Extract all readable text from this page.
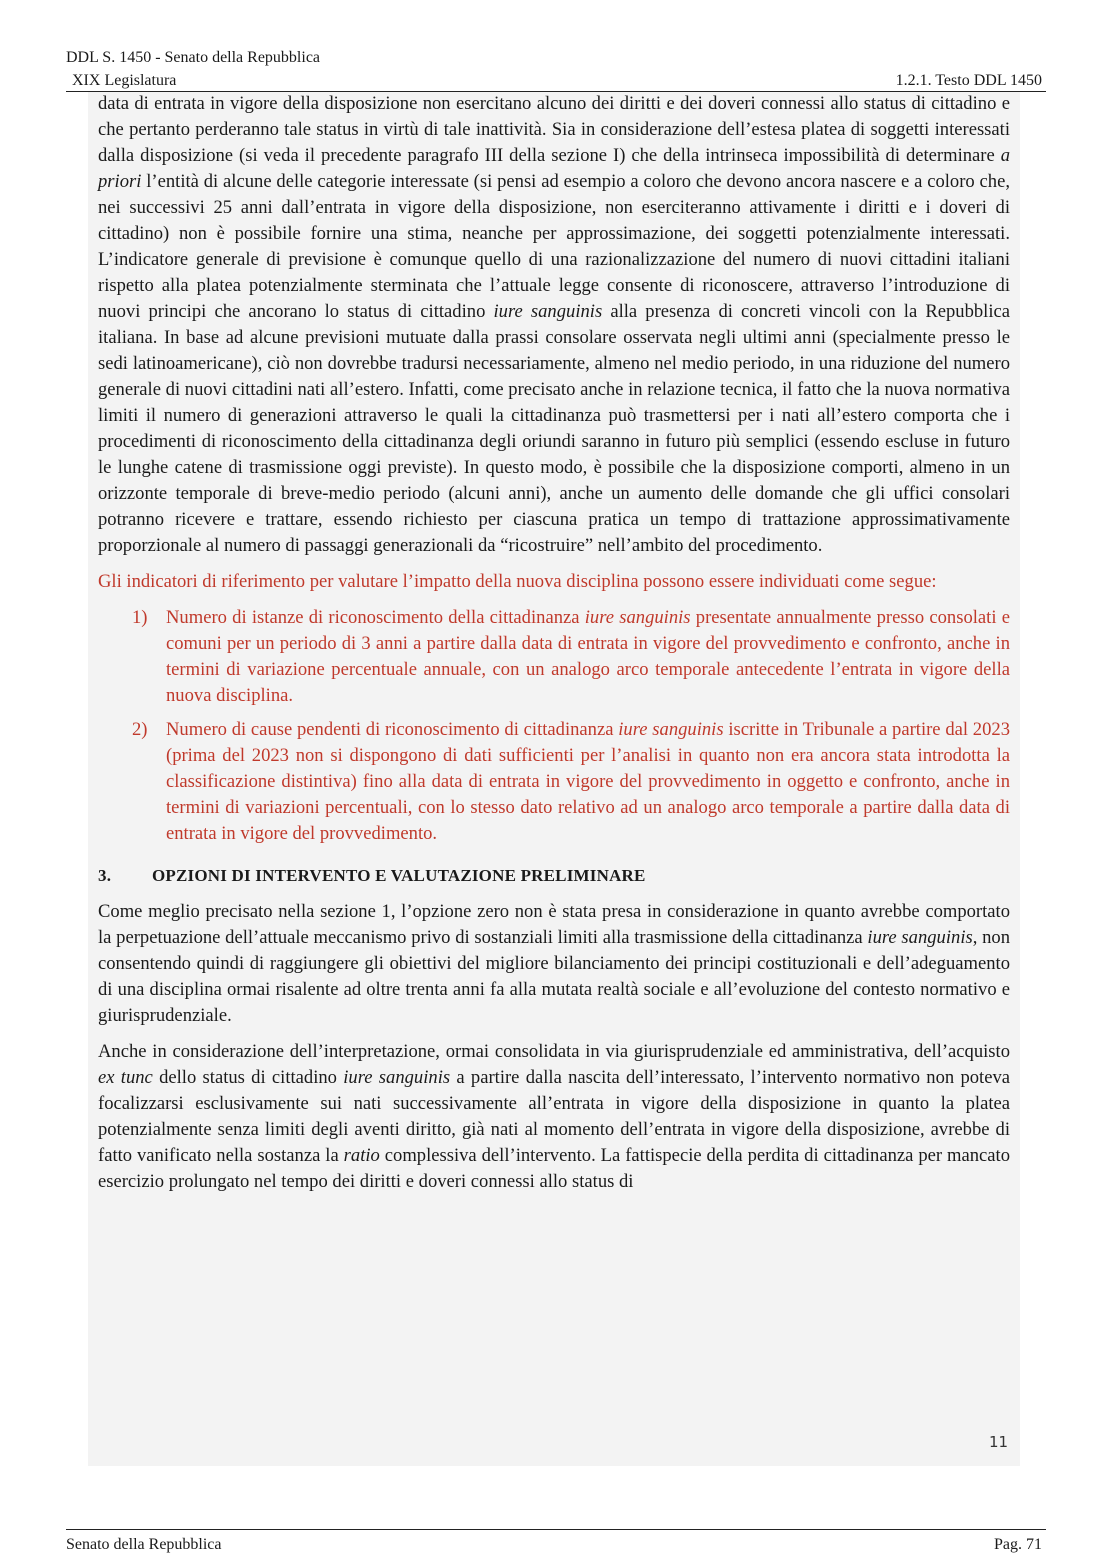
DDL S. 1450 - Senato della Repubblica
XIX Legislatura	1.2.1. Testo DDL 1450

data di entrata in vigore della disposizione non esercitano alcuno dei diritti e dei doveri connessi allo status di cittadino e che pertanto perderanno tale status in virtù di tale inattività. Sia in considerazione dell’estesa platea di soggetti interessati dalla disposizione (si veda il precedente paragrafo III della sezione I) che della intrinseca impossibilità di determinare a priori l’entità di alcune delle categorie interessate (si pensi ad esempio a coloro che devono ancora nascere e a coloro che, nei successivi 25 anni dall’entrata in vigore della disposizione, non eserciteranno attivamente i diritti e i doveri di cittadino) non è possibile fornire una stima, neanche per approssimazione, dei soggetti potenzialmente interessati. L’indicatore generale di previsione è comunque quello di una razionalizzazione del numero di nuovi cittadini italiani rispetto alla platea potenzialmente sterminata che l’attuale legge consente di riconoscere, attraverso l’introduzione di nuovi principi che ancorano lo status di cittadino iure sanguinis alla presenza di concreti vincoli con la Repubblica italiana. In base ad alcune previsioni mutuate dalla prassi consolare osservata negli ultimi anni (specialmente presso le sedi latinoamericane), ciò non dovrebbe tradursi necessariamente, almeno nel medio periodo, in una riduzione del numero generale di nuovi cittadini nati all’estero. Infatti, come precisato anche in relazione tecnica, il fatto che la nuova normativa limiti il numero di generazioni attraverso le quali la cittadinanza può trasmettersi per i nati all’estero comporta che i procedimenti di riconoscimento della cittadinanza degli oriundi saranno in futuro più semplici (essendo escluse in futuro le lunghe catene di trasmissione oggi previste). In questo modo, è possibile che la disposizione comporti, almeno in un orizzonte temporale di breve-medio periodo (alcuni anni), anche un aumento delle domande che gli uffici consolari potranno ricevere e trattare, essendo richiesto per ciascuna pratica un tempo di trattazione approssimativamente proporzionale al numero di passaggi generazionali da “ricostruire” nell’ambito del procedimento.

Gli indicatori di riferimento per valutare l’impatto della nuova disciplina possono essere individuati come segue:

1) Numero di istanze di riconoscimento della cittadinanza iure sanguinis presentate annualmente presso consolati e comuni per un periodo di 3 anni a partire dalla data di entrata in vigore del provvedimento e confronto, anche in termini di variazione percentuale annuale, con un analogo arco temporale antecedente l’entrata in vigore della nuova disciplina.
2) Numero di cause pendenti di riconoscimento di cittadinanza iure sanguinis iscritte in Tribunale a partire dal 2023 (prima del 2023 non si dispongono di dati sufficienti per l’analisi in quanto non era ancora stata introdotta la classificazione distintiva) fino alla data di entrata in vigore del provvedimento in oggetto e confronto, anche in termini di variazioni percentuali, con lo stesso dato relativo ad un analogo arco temporale a partire dalla data di entrata in vigore del provvedimento.
3. OPZIONI DI INTERVENTO E VALUTAZIONE PRELIMINARE

Come meglio precisato nella sezione 1, l’opzione zero non è stata presa in considerazione in quanto avrebbe comportato la perpetuazione dell’attuale meccanismo privo di sostanziali limiti alla trasmissione della cittadinanza iure sanguinis, non consentendo quindi di raggiungere gli obiettivi del migliore bilanciamento dei principi costituzionali e dell’adeguamento di una disciplina ormai risalente ad oltre trenta anni fa alla mutata realtà sociale e all’evoluzione del contesto normativo e giurisprudenziale.

Anche in considerazione dell’interpretazione, ormai consolidata in via giurisprudenziale ed amministrativa, dell’acquisto ex tunc dello status di cittadino iure sanguinis a partire dalla nascita dell’interessato, l’intervento normativo non poteva focalizzarsi esclusivamente sui nati successivamente all’entrata in vigore della disposizione in quanto la platea potenzialmente senza limiti degli aventi diritto, già nati al momento dell’entrata in vigore della disposizione, avrebbe di fatto vanificato nella sostanza la ratio complessiva dell’intervento. La fattispecie della perdita di cittadinanza per mancato esercizio prolungato nel tempo dei diritti e doveri connessi allo status di

11
Senato della Repubblica	Pag. 71
